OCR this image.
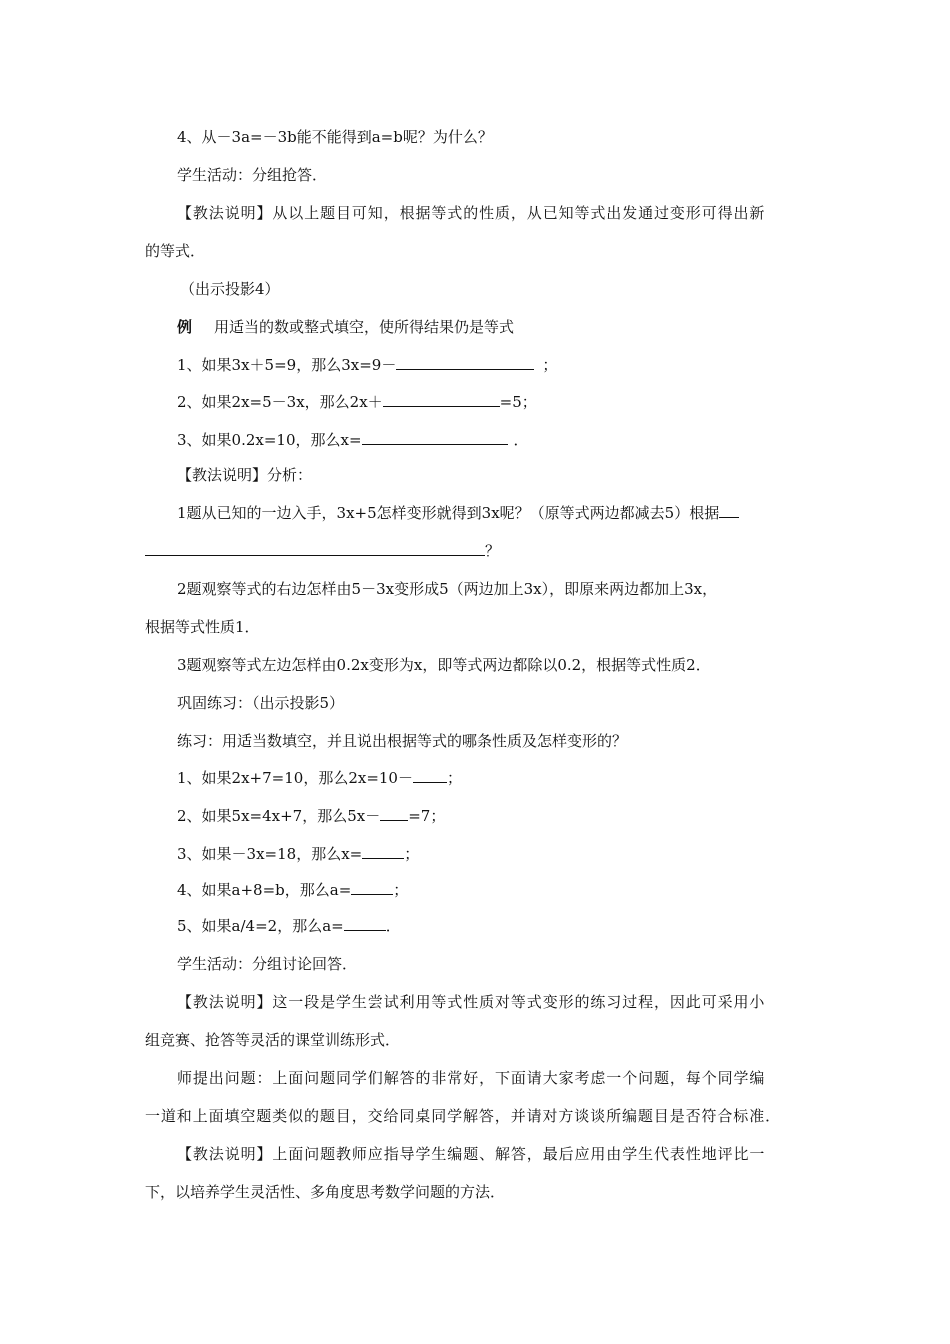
4、从－3a=－3b能不能得到a=b呢？为什么？
学生活动：分组抢答．
【教法说明】从以上题目可知，根据等式的性质，从已知等式出发通过变形可得出新
的等式．
（出示投影4）
例 用适当的数或整式填空，使所得结果仍是等式
1、如果3x＋5=9，那么3x=9－	；
2、如果2x=5－3x，那么2x＋	=5；
3、如果0.2x=10，那么x=	．
【教法说明】分析：
1题从已知的一边入手，3x+5怎样变形就得到3x呢？（原等式两边都减去5）根据
？
2题观察等式的右边怎样由5－3x变形成5（两边加上3x），即原来两边都加上3x，
根据等式性质1．
3题观察等式左边怎样由0.2x变形为x，即等式两边都除以0.2，根据等式性质2．
巩固练习：（出示投影5）
练习：用适当数填空，并且说出根据等式的哪条性质及怎样变形的？
1、如果2x+7=10，那么2x=10－ ；
2、如果5x=4x+7，那么5x－ =7；
3、如果－3x=18，那么x=	；
4、如果a+8=b，那么a=	；
5、如果a/4=2，那么a=	．
学生活动：分组讨论回答．
【教法说明】这一段是学生尝试利用等式性质对等式变形的练习过程，因此可采用小
组竞赛、抢答等灵活的课堂训练形式．
师提出问题：上面问题同学们解答的非常好，下面请大家考虑一个问题，每个同学编
一道和上面填空题类似的题目，交给同桌同学解答，并请对方谈谈所编题目是否符合标准．
【教法说明】上面问题教师应指导学生编题、解答，最后应用由学生代表性地评比一
下，以培养学生灵活性、多角度思考数学问题的方法．
